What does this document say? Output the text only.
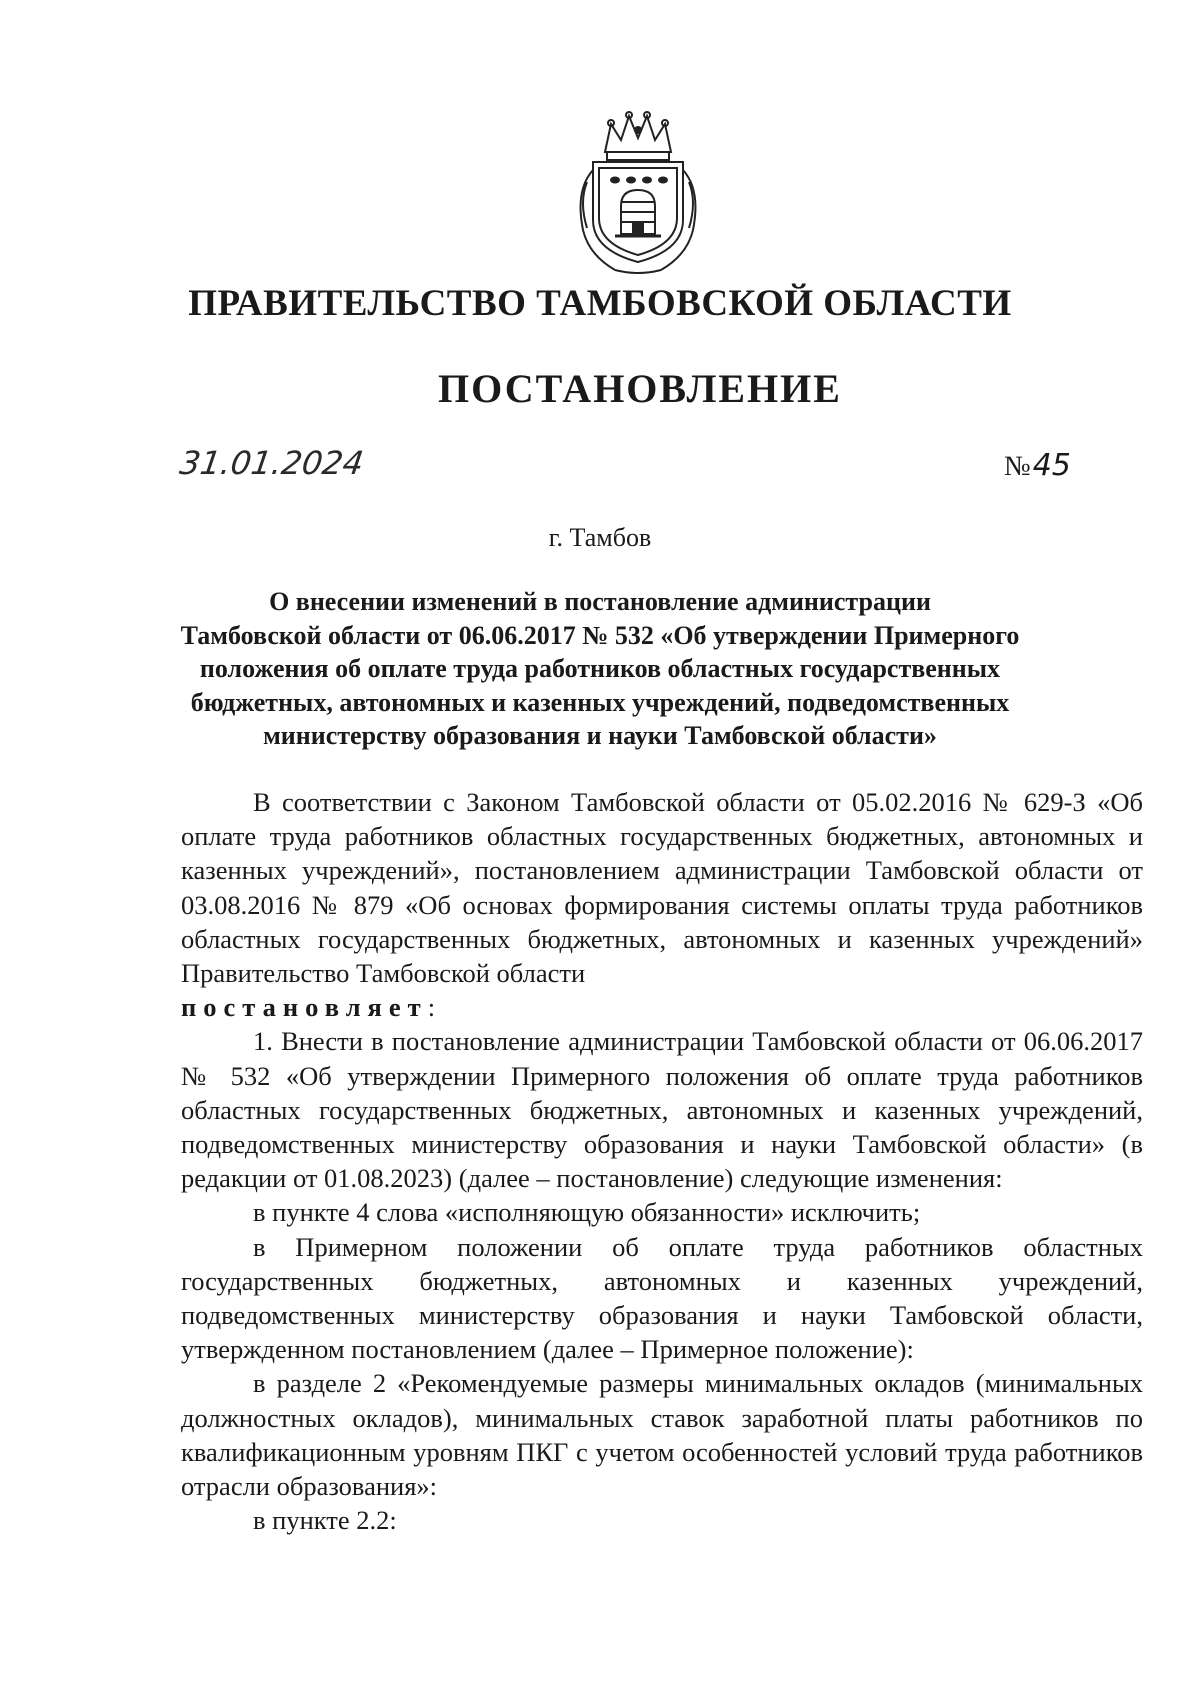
ПРАВИТЕЛЬСТВО ТАМБОВСКОЙ ОБЛАСТИ
ПОСТАНОВЛЕНИЕ
31.01.2024	№45
г. Тамбов
О внесении изменений в постановление администрации
Тамбовской области от 06.06.2017 № 532 «Об утверждении Примерного
положения об оплате труда работников областных государственных
бюджетных, автономных и казенных учреждений, подведомственных
министерству образования и науки Тамбовской области»

В соответствии с Законом Тамбовской области от 05.02.2016 № 629-З «Об оплате труда работников областных государственных бюджетных, автономных и казенных учреждений», постановлением администрации Тамбовской области от 03.08.2016 № 879 «Об основах формирования системы оплаты труда работников областных государственных бюджетных, автономных и казенных учреждений» Правительство Тамбовской области
постановляет:

1. Внести в постановление администрации Тамбовской области от 06.06.2017 № 532 «Об утверждении Примерного положения об оплате труда работников областных государственных бюджетных, автономных и казенных учреждений, подведомственных министерству образования и науки Тамбовской области» (в редакции от 01.08.2023) (далее – постановление) следующие изменения:

в пункте 4 слова «исполняющую обязанности» исключить;

в Примерном положении об оплате труда работников областных государственных бюджетных, автономных и казенных учреждений, подведомственных министерству образования и науки Тамбовской области, утвержденном постановлением (далее – Примерное положение):

в разделе 2 «Рекомендуемые размеры минимальных окладов (минимальных должностных окладов), минимальных ставок заработной платы работников по квалификационным уровням ПКГ с учетом особенностей условий труда работников отрасли образования»:

в пункте 2.2:
